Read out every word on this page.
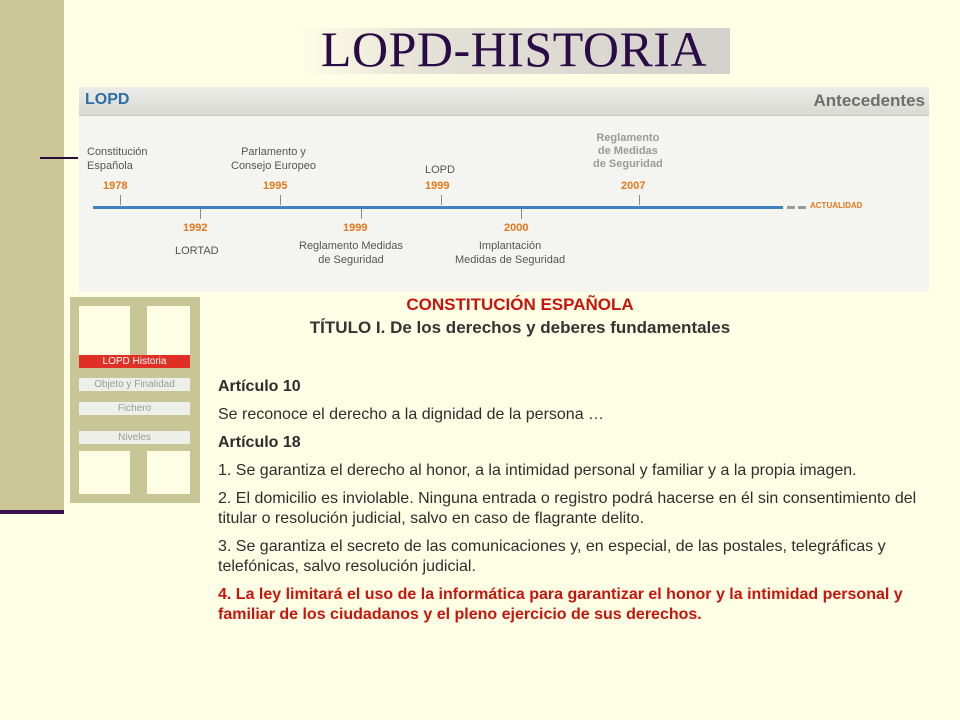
LOPD-HISTORIA
LOPD	Antecedentes
Constitución
Española
1978
Parlamento y
Consejo Europeo
1995
LOPD
1999
Reglamento
de Medidas
de Seguridad
2007
ACTUALIDAD
1992
LORTAD
1999
Reglamento Medidas
de Seguridad
2000
Implantación
Medidas de Seguridad
LOPD Historia
Objeto y Finalidad
Fichero
Niveles
CONSTITUCIÓN ESPAÑOLA
TÍTULO I. De los derechos y deberes fundamentales

Artículo 10

Se reconoce el derecho a la dignidad de la persona …

Artículo 18

1. Se garantiza el derecho al honor, a la intimidad personal y familiar y a la propia imagen.

2. El domicilio es inviolable. Ninguna entrada o registro podrá hacerse en él sin consentimiento del titular o resolución judicial, salvo en caso de flagrante delito.

3. Se garantiza el secreto de las comunicaciones y, en especial, de las postales, telegráficas y telefónicas, salvo resolución judicial.

4. La ley limitará el uso de la informática para garantizar el honor y la intimidad personal y familiar de los ciudadanos y el pleno ejercicio de sus derechos.
